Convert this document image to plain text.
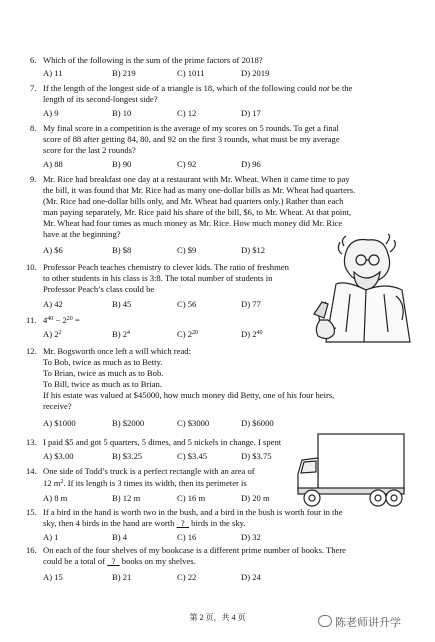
6. Which of the following is the sum of the prime factors of 2018?
A) 11	B) 219	C) 1011	D) 2019
7. If the length of the longest side of a triangle is 18, which of the following could not be the
length of its second-longest side?
A) 9	B) 10	C) 12	D) 17
8. My final score in a competition is the average of my scores on 5 rounds. To get a final
score of 88 after getting 84, 80, and 92 on the first 3 rounds, what must be my average
score for the last 2 rounds?
A) 88	B) 90	C) 92	D) 96
9. Mr. Rice had breakfast one day at a restaurant with Mr. Wheat. When it came time to pay
the bill, it was found that Mr. Rice had as many one-dollar bills as Mr. Wheat had quarters.
(Mr. Rice had one-dollar bills only, and Mr. Wheat had quarters only.) Rather than each
man paying separately, Mr. Rice paid his share of the bill, $6, to Mr. Wheat. At that point,
Mr. Wheat had four times as much money as Mr. Rice. How much money did Mr. Rice
have at the beginning?
A) $6	B) $8	C) $9	D) $12
10. Professor Peach teaches chemistry to clever kids. The ratio of freshmen
to other students in his class is 3:8. The total number of students in
Professor Peach’s class could be
A) 42	B) 45	C) 56	D) 77
11. $4^{40} - 2^{20}$ =
A) $2^2$	B) $2^4$	C) $2^{20}$	D) $2^{40}$
12. Mr. Bogsworth once left a will which read:
To Bob, twice as much as to Betty.
To Brian, twice as much as to Bob.
To Bill, twice as much as to Brian.
If his estate was valued at $45000, how much money did Betty, one of his four heirs,
receive?
A) $1000	B) $2000	C) $3000	D) $6000
13. I paid $5 and got 5 quarters, 5 dimes, and 5 nickels in change. I spent
A) $3.00	B) $3.25	C) $3.45	D) $3.75
14. One side of Todd’s truck is a perfect rectangle with an area of
12 $m^2$. If its length is 3 times its width, then its perimeter is
A) 8 m	B) 12 m	C) 16 m	D) 20 m
15. If a bird in the hand is worth two in the bush, and a bird in the bush is worth four in the
sky, then 4 birds in the hand are worth ? birds in the sky.
A) 1	B) 4	C) 16	D) 32
16. On each of the four shelves of my bookcase is a different prime number of books. There
could be a total of ? books on my shelves.
A) 15	B) 21	C) 22	D) 24
第 2 页，共 4 页	陈老师讲升学
